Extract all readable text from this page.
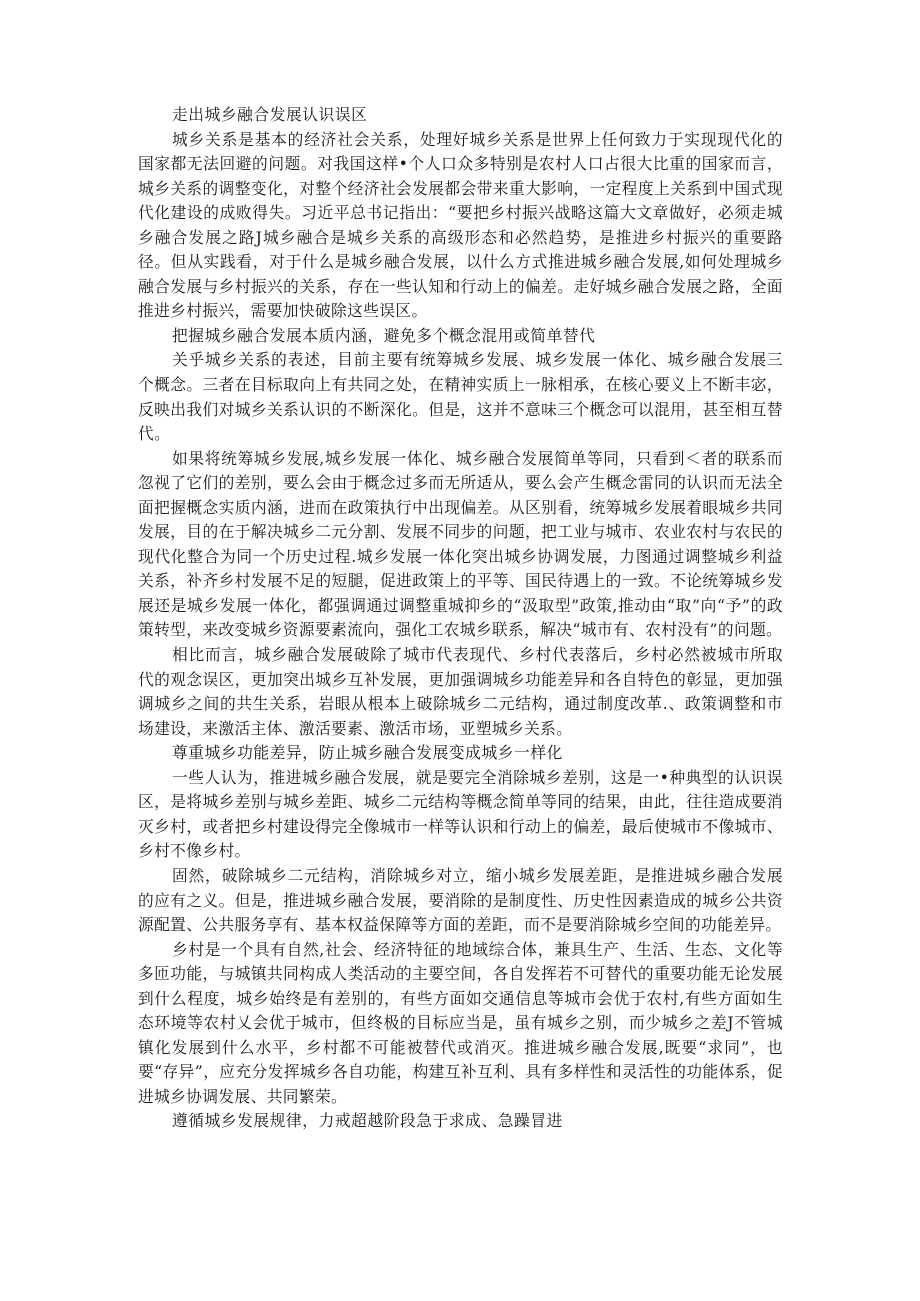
走出城乡融合发展认识误区

城乡关系是基本的经济社会关系，处理好城乡关系是世界上任何致力于实现现代化的国家都无法回避的问题。对我国这样•个人口众多特别是农村人口占很大比重的国家而言，城乡关系的调整变化，对整个经济社会发展都会带来重大影响，一定程度上关系到中国式现代化建设的成败得失。习近平总书记指出：“要把乡村振兴战略这篇大文章做好，必须走城乡融合发展之路J城乡融合是城乡关系的高级形态和必然趋势，是推进乡村振兴的重要路径。但从实践看，对于什么是城乡融合发展，以什么方式推进城乡融合发展,如何处理城乡融合发展与乡村振兴的关系，存在一些认知和行动上的偏差。走好城乡融合发展之路，全面推进乡村振兴，需要加快破除这些误区。

把握城乡融合发展本质内涵，避免多个概念混用或简单替代

关乎城乡关系的表述，目前主要有统筹城乡发展、城乡发展一体化、城乡融合发展三个概念。三者在目标取向上有共同之处，在精神实质上一脉相承，在核心要义上不断丰宓，反映出我们对城乡关系认识的不断深化。但是，这并不意味三个概念可以混用，甚至相互替代。

如果将统筹城乡发展,城乡发展一体化、城乡融合发展简单等同，只看到＜者的联系而忽视了它们的差别，要么会由于概念过多而无所适从，要么会产生概念雷同的认识而无法全面把握概念实质内涵，进而在政策执行中出现偏差。从区别看，统筹城乡发展着眼城乡共同发展，目的在于解决城乡二元分割、发展不同步的问题，把工业与城市、农业农村与农民的现代化整合为同一个历史过程.城乡发展一体化突出城乡协调发展，力图通过调整城乡利益关系，补齐乡村发展不足的短腿，促进政策上的平等、国民待遇上的一致。不论统筹城乡发展还是城乡发展一体化，都强调通过调整重城抑乡的“汲取型”政策,推动由“取”向“予”的政策转型，来改变城乡资源要素流向，强化工农城乡联系，解决“城市有、农村没有”的问题。

相比而言，城乡融合发展破除了城市代表现代、乡村代表落后，乡村必然被城市所取代的观念误区，更加突出城乡互补发展，更加强调城乡功能差异和各自特色的彰显，更加强调城乡之间的共生关系，岩眼从根本上破除城乡二元结构，通过制度改革.、政策调整和市场建设，来激活主体、激活要素、激活市场，亚塑城乡关系。

尊重城乡功能差异，防止城乡融合发展变成城乡一样化

一些人认为，推进城乡融合发展，就是要完全消除城乡差别，这是一•种典型的认识误区，是将城乡差别与城乡差距、城乡二元结构等概念简单等同的结果，由此，往往造成要消灭乡村，或者把乡村建设得完全像城市一样等认识和行动上的偏差，最后使城市不像城市、乡村不像乡村。

固然，破除城乡二元结构，消除城乡对立，缩小城乡发展差距，是推进城乡融合发展的应有之义。但是，推进城乡融合发展，要消除的是制度性、历史性因素造成的城乡公共资源配置、公共服务享有、基本权益保障等方面的差距，而不是要消除城乡空间的功能差异。

乡村是一个具有自然,社会、经济特征的地域综合体，兼具生产、生活、生态、文化等多匝功能，与城镇共同构成人类活动的主要空间，各自发挥若不可替代的重要功能无论发展到什么程度，城乡始终是有差别的，有些方面如交通信息等城市会优于农村,有些方面如生态环境等农村乂会优于城市，但终极的目标应当是，虽有城乡之别，而少城乡之差J不管城镇化发展到什么水平，乡村都不可能被替代或消灭。推进城乡融合发展,既要“求同”，也要“存异”，应充分发挥城乡各自功能，构建互补互利、具有多样性和灵活性的功能体系，促进城乡协调发展、共同繁荣。

遵循城乡发展规律，力戒超越阶段急于求成、急躁冒进
